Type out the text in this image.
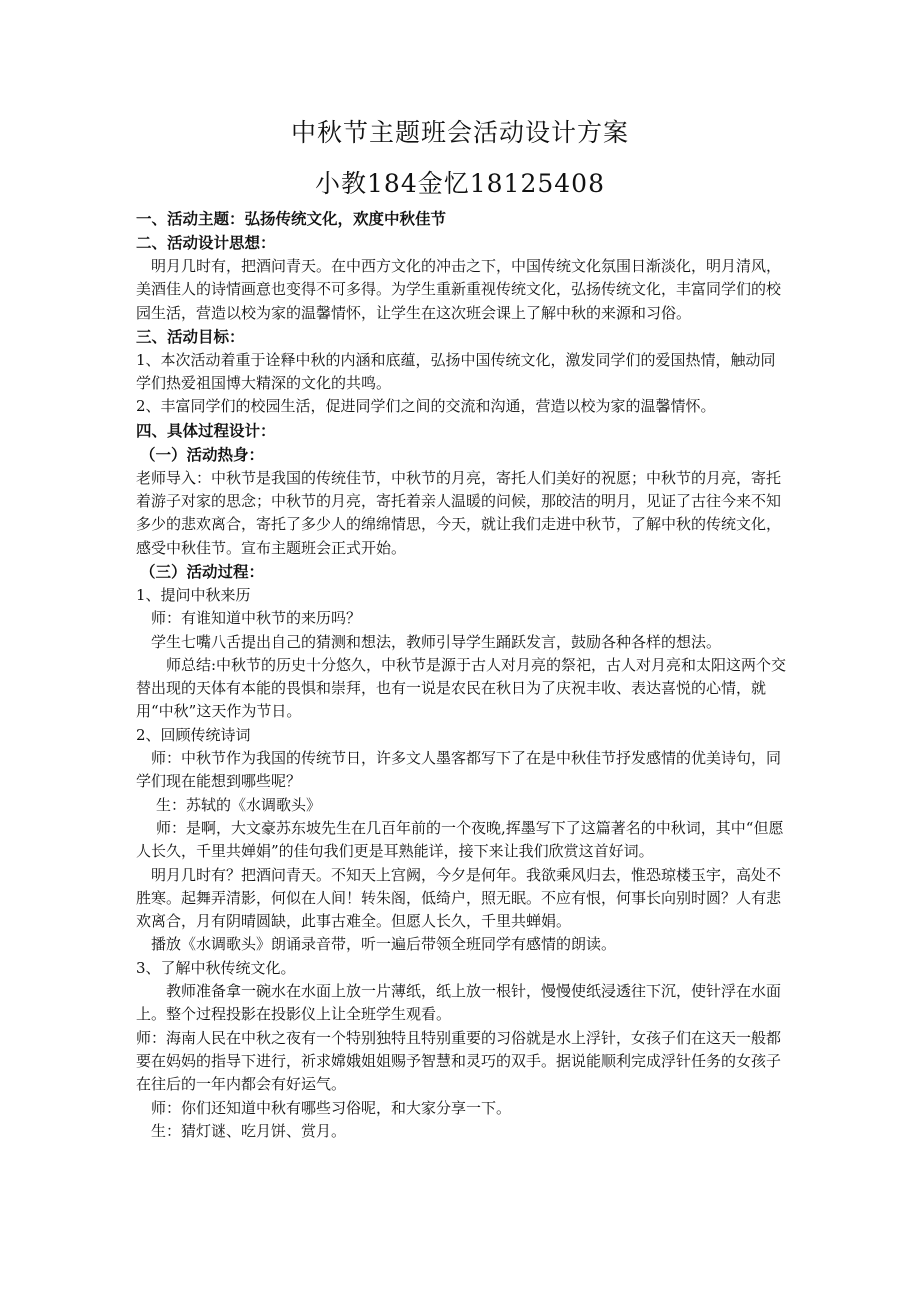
中秋节主题班会活动设计方案
小教184金忆18125408

一、活动主题：弘扬传统文化，欢度中秋佳节

二、活动设计思想：

明月几时有，把酒问青天。在中西方文化的冲击之下，中国传统文化氛围日渐淡化，明月清风，美酒佳人的诗情画意也变得不可多得。为学生重新重视传统文化，弘扬传统文化，丰富同学们的校园生活，营造以校为家的温馨情怀，让学生在这次班会课上了解中秋的来源和习俗。

三、活动目标：

1、本次活动着重于诠释中秋的内涵和底蕴，弘扬中国传统文化，激发同学们的爱国热情，触动同学们热爱祖国博大精深的文化的共鸣。

2、丰富同学们的校园生活，促进同学们之间的交流和沟通，营造以校为家的温馨情怀。

四、具体过程设计：

（一）活动热身：

老师导入：中秋节是我国的传统佳节，中秋节的月亮，寄托人们美好的祝愿；中秋节的月亮，寄托着游子对家的思念；中秋节的月亮，寄托着亲人温暖的问候，那皎洁的明月，见证了古往今来不知多少的悲欢离合，寄托了多少人的绵绵情思，今天，就让我们走进中秋节，了解中秋的传统文化，感受中秋佳节。宣布主题班会正式开始。

（三）活动过程：

1、提问中秋来历

师：有谁知道中秋节的来历吗？

学生七嘴八舌提出自己的猜测和想法，教师引导学生踊跃发言，鼓励各种各样的想法。

师总结:中秋节的历史十分悠久，中秋节是源于古人对月亮的祭祀，古人对月亮和太阳这两个交替出现的天体有本能的畏惧和崇拜，也有一说是农民在秋日为了庆祝丰收、表达喜悦的心情，就用“中秋”这天作为节日。

2、回顾传统诗词

师：中秋节作为我国的传统节日，许多文人墨客都写下了在是中秋佳节抒发感情的优美诗句，同学们现在能想到哪些呢？

生：苏轼的《水调歌头》

师：是啊，大文豪苏东坡先生在几百年前的一个夜晚,挥墨写下了这篇著名的中秋词，其中“但愿人长久，千里共婵娟”的佳句我们更是耳熟能详，接下来让我们欣赏这首好词。

明月几时有？把酒问青天。不知天上宫阙，今夕是何年。我欲乘风归去，惟恐琼楼玉宇，高处不胜寒。起舞弄清影，何似在人间！转朱阁，低绮户，照无眠。不应有恨，何事长向别时圆？人有悲欢离合，月有阴晴圆缺，此事古难全。但愿人长久，千里共蝉娟。

播放《水调歌头》朗诵录音带，听一遍后带领全班同学有感情的朗读。

3、了解中秋传统文化。

教师准备拿一碗水在水面上放一片薄纸，纸上放一根针，慢慢使纸浸透往下沉，使针浮在水面上。整个过程投影在投影仪上让全班学生观看。

师：海南人民在中秋之夜有一个特别独特且特别重要的习俗就是水上浮针，女孩子们在这天一般都要在妈妈的指导下进行，祈求嫦娥姐姐赐予智慧和灵巧的双手。据说能顺利完成浮针任务的女孩子在往后的一年内都会有好运气。

师：你们还知道中秋有哪些习俗呢，和大家分享一下。

生：猜灯谜、吃月饼、赏月。
